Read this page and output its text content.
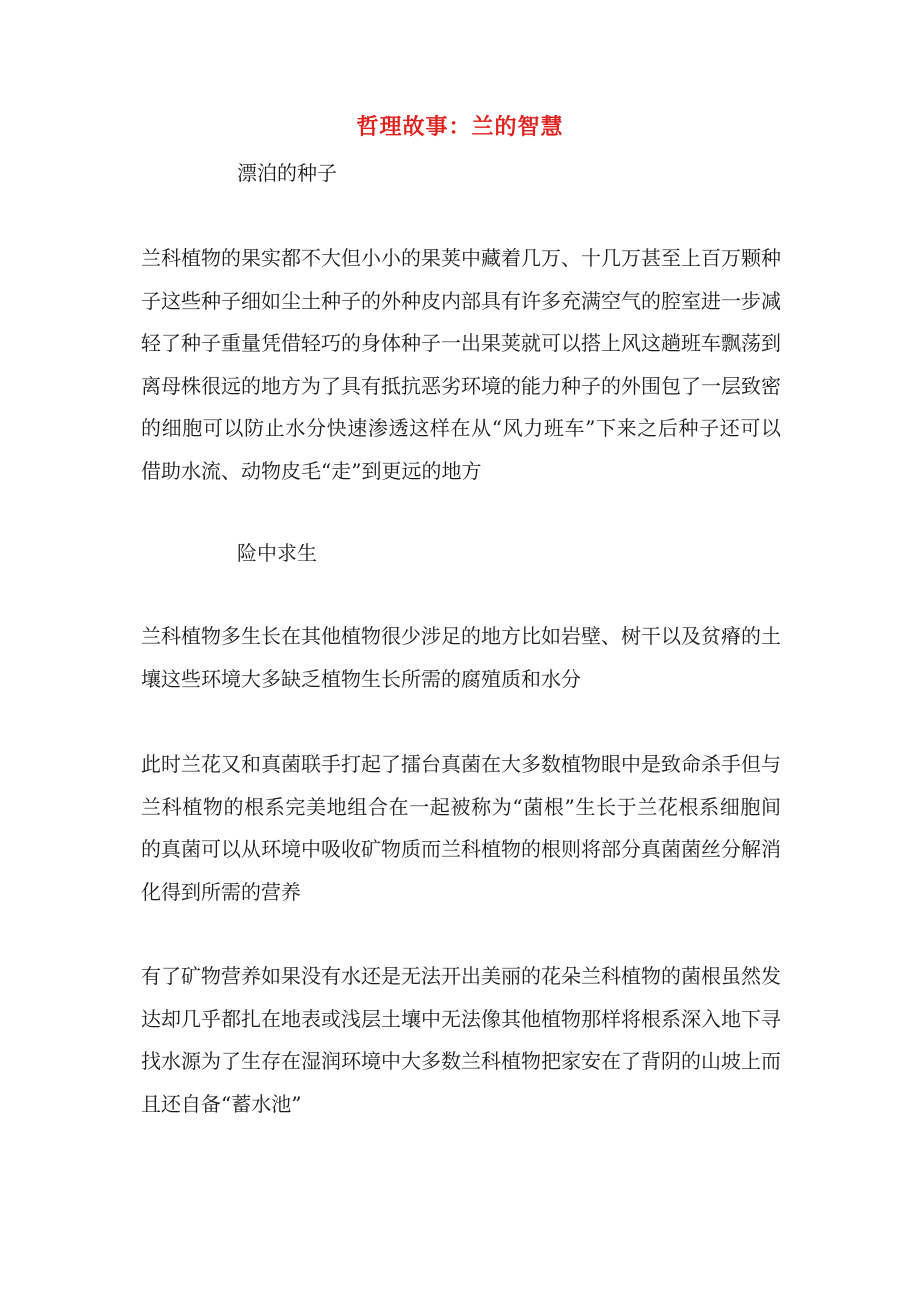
哲理故事：兰的智慧
漂泊的种子
兰科植物的果实都不大但小小的果荚中藏着几万、十几万甚至上百万颗种子这些种子细如尘土种子的外种皮内部具有许多充满空气的腔室进一步减轻了种子重量凭借轻巧的身体种子一出果荚就可以搭上风这趟班车飘荡到离母株很远的地方为了具有抵抗恶劣环境的能力种子的外围包了一层致密的细胞可以防止水分快速渗透这样在从“风力班车”下来之后种子还可以借助水流、动物皮毛“走”到更远的地方
险中求生
兰科植物多生长在其他植物很少涉足的地方比如岩壁、树干以及贫瘠的土壤这些环境大多缺乏植物生长所需的腐殖质和水分
此时兰花又和真菌联手打起了擂台真菌在大多数植物眼中是致命杀手但与兰科植物的根系完美地组合在一起被称为“菌根”生长于兰花根系细胞间的真菌可以从环境中吸收矿物质而兰科植物的根则将部分真菌菌丝分解消化得到所需的营养
有了矿物营养如果没有水还是无法开出美丽的花朵兰科植物的菌根虽然发达却几乎都扎在地表或浅层土壤中无法像其他植物那样将根系深入地下寻找水源为了生存在湿润环境中大多数兰科植物把家安在了背阴的山坡上而且还自备“蓄水池”
